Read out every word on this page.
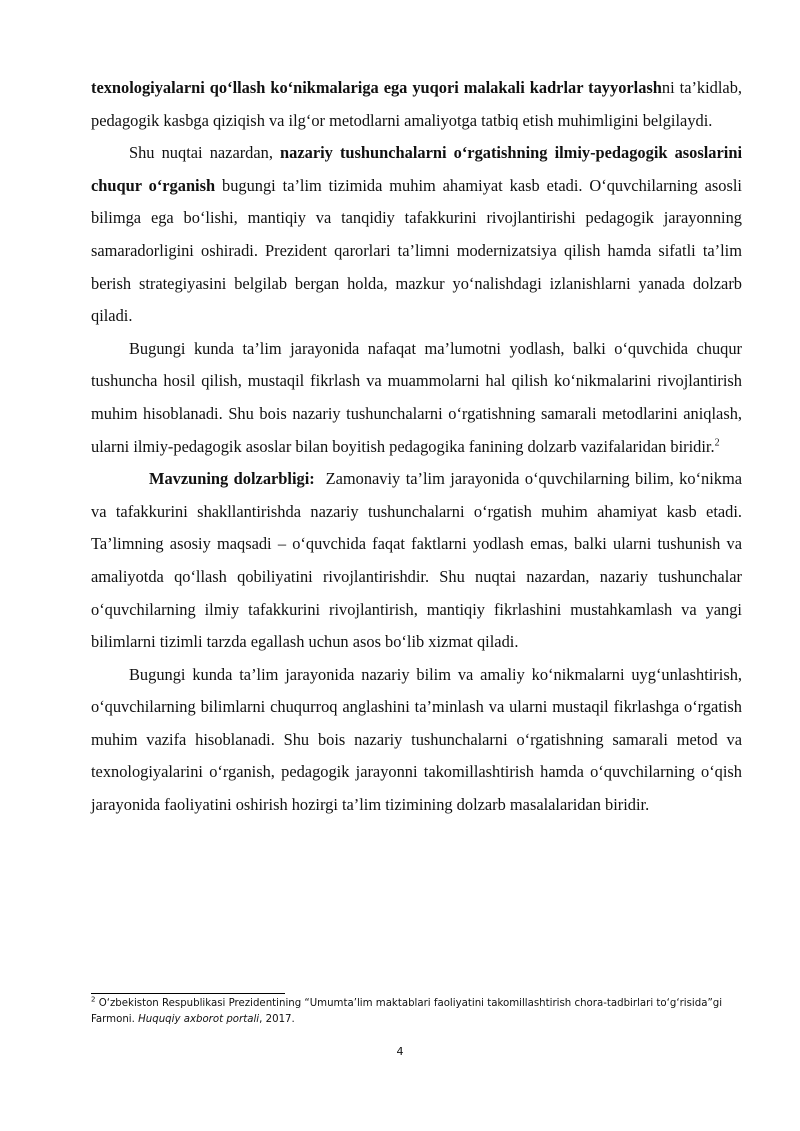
texnologiyalarni qo‘llash ko‘nikmalariga ega yuqori malakali kadrlar tayyorlashni ta’kidlab, pedagogik kasbga qiziqish va ilg‘or metodlarni amaliyotga tatbiq etish muhimligini belgilaydi.

Shu nuqtai nazardan, nazariy tushunchalarni o‘rgatishning ilmiy-pedagogik asoslarini chuqur o‘rganish bugungi ta’lim tizimida muhim ahamiyat kasb etadi. O‘quvchilarning asosli bilimga ega bo‘lishi, mantiqiy va tanqidiy tafakkurini rivojlantirishi pedagogik jarayonning samaradorligini oshiradi. Prezident qarorlari ta’limni modernizatsiya qilish hamda sifatli ta’lim berish strategiyasini belgilab bergan holda, mazkur yo‘nalishdagi izlanishlarni yanada dolzarb qiladi.

Bugungi kunda ta’lim jarayonida nafaqat ma’lumotni yodlash, balki o‘quvchida chuqur tushuncha hosil qilish, mustaqil fikrlash va muammolarni hal qilish ko‘nikmalarini rivojlantirish muhim hisoblanadi. Shu bois nazariy tushunchalarni o‘rgatishning samarali metodlarini aniqlash, ularni ilmiy-pedagogik asoslar bilan boyitish pedagogika fanining dolzarb vazifalaridan biridir.$^2$

Mavzuning dolzarbligi:  Zamonaviy ta’lim jarayonida o‘quvchilarning bilim, ko‘nikma va tafakkurini shakllantirishda nazariy tushunchalarni o‘rgatish muhim ahamiyat kasb etadi. Ta’limning asosiy maqsadi – o‘quvchida faqat faktlarni yodlash emas, balki ularni tushunish va amaliyotda qo‘llash qobiliyatini rivojlantirishdir. Shu nuqtai nazardan, nazariy tushunchalar o‘quvchilarning ilmiy tafakkurini rivojlantirish, mantiqiy fikrlashini mustahkamlash va yangi bilimlarni tizimli tarzda egallash uchun asos bo‘lib xizmat qiladi.

Bugungi kunda ta’lim jarayonida nazariy bilim va amaliy ko‘nikmalarni uyg‘unlashtirish, o‘quvchilarning bilimlarni chuqurroq anglashini ta’minlash va ularni mustaqil fikrlashga o‘rgatish muhim vazifa hisoblanadi. Shu bois nazariy tushunchalarni o‘rgatishning samarali metod va texnologiyalarini o‘rganish, pedagogik jarayonni takomillashtirish hamda o‘quvchilarning o‘qish jarayonida faoliyatini oshirish hozirgi ta’lim tizimining dolzarb masalalaridan biridir.

$^2$ O‘zbekiston Respublikasi Prezidentining “Umumta’lim maktablari faoliyatini takomillashtirish chora-tadbirlari to‘g‘risida”gi Farmoni. Huquqiy axborot portali, 2017.
4
